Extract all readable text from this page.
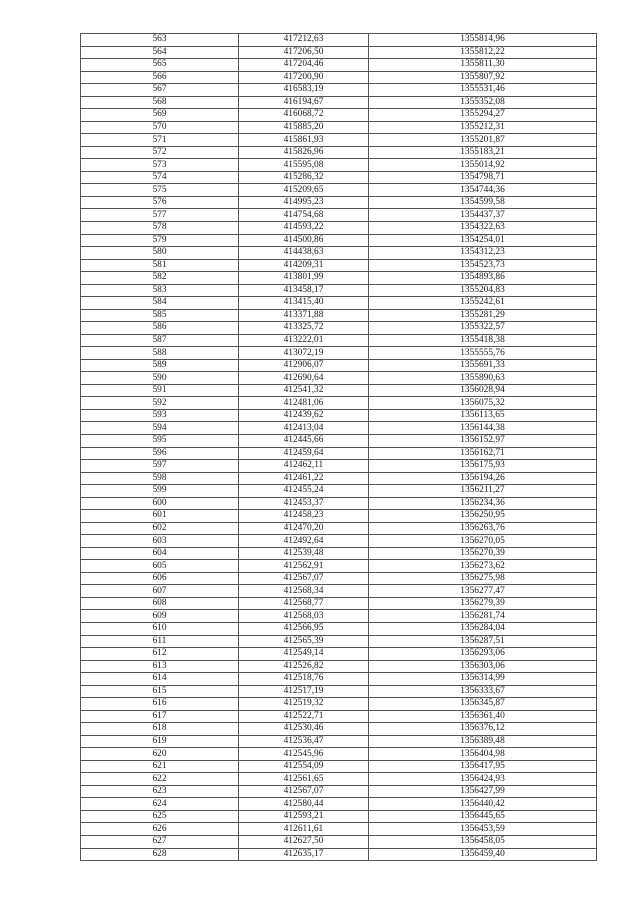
563	417212,63	1355814,96
564	417206,50	1355812,22
565	417204,46	1355811,30
566	417200,90	1355807,92
567	416583,19	1355531,46
568	416194,67	1355352,08
569	416068,72	1355294,27
570	415885,20	1355212,31
571	415861,93	1355201,87
572	415826,96	1355183,21
573	415595,08	1355014,92
574	415286,32	1354798,71
575	415209,65	1354744,36
576	414995,23	1354599,58
577	414754,68	1354437,37
578	414593,22	1354322,63
579	414500,86	1354254,01
580	414438,63	1354312,23
581	414209,31	1354523,73
582	413801,99	1354893,86
583	413458,17	1355204,83
584	413415,40	1355242,61
585	413371,88	1355281,29
586	413325,72	1355322,57
587	413222,01	1355418,38
588	413072,19	1355555,76
589	412906,07	1355691,33
590	412690,64	1355890,63
591	412541,32	1356028,94
592	412481,06	1356075,32
593	412439,62	1356113,65
594	412413,04	1356144,38
595	412445,66	1356152,97
596	412459,64	1356162,71
597	412462,11	1356175,93
598	412461,22	1356194,26
599	412455,24	1356211,27
600	412453,37	1356234,36
601	412458,23	1356250,95
602	412470,20	1356263,76
603	412492,64	1356270,05
604	412539,48	1356270,39
605	412562,91	1356273,62
606	412567,07	1356275,98
607	412568,34	1356277,47
608	412568,77	1356279,39
609	412568,03	1356281,74
610	412566,95	1356284,04
611	412565,39	1356287,51
612	412549,14	1356293,06
613	412526,82	1356303,06
614	412518,76	1356314,99
615	412517,19	1356333,67
616	412519,32	1356345,87
617	412522,71	1356361,40
618	412530,46	1356376,12
619	412536,47	1356389,48
620	412545,96	1356404,98
621	412554,09	1356417,95
622	412561,65	1356424,93
623	412567,07	1356427,99
624	412580,44	1356440,42
625	412593,21	1356445,65
626	412611,61	1356453,59
627	412627,50	1356458,05
628	412635,17	1356459,40
